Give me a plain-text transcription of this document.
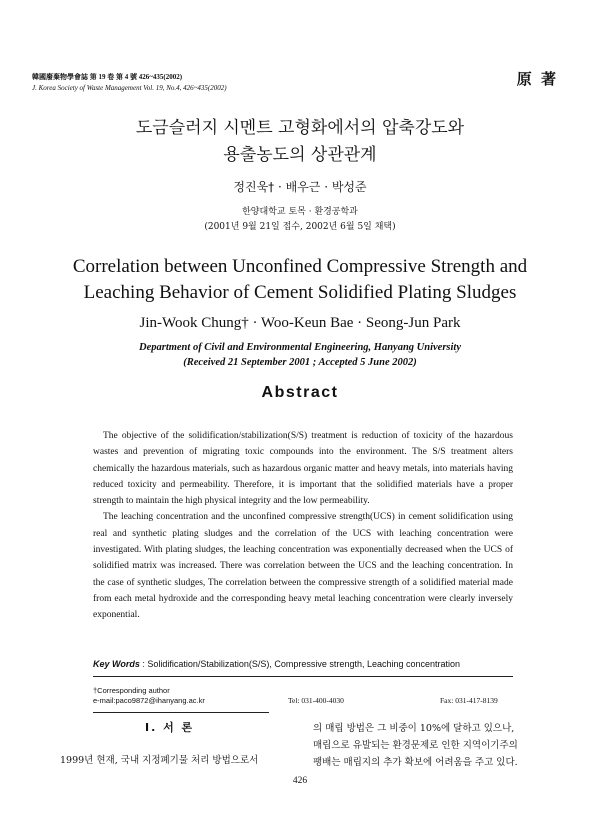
韓國廢棄物學會誌 第 19 卷 第 4 號 426~435(2002)
J. Korea Society of Waste Management Vol. 19, No.4, 426~435(2002)	原 著
도금슬러지 시멘트 고형화에서의 압축강도와
용출농도의 상관관계
정진욱† · 배우근 · 박성준
한양대학교 토목 · 환경공학과
(2001년 9월 21일 접수, 2002년 6월 5일 채택)
Correlation between Unconfined Compressive Strength and
Leaching Behavior of Cement Solidified Plating Sludges
Jin-Wook Chung† · Woo-Keun Bae · Seong-Jun Park
Department of Civil and Environmental Engineering, Hanyang University
(Received 21 September 2001 ; Accepted 5 June 2002)
Abstract

The objective of the solidification/stabilization(S/S) treatment is reduction of toxicity of the hazardous wastes and prevention of migrating toxic compounds into the environment. The S/S treatment alters chemically the hazardous materials, such as hazardous organic matter and heavy metals, into materials having reduced toxicity and permeability. Therefore, it is important that the solidified materials have a proper strength to maintain the high physical integrity and the low permeability.

The leaching concentration and the unconfined compressive strength(UCS) in cement solidification using real and synthetic plating sludges and the correlation of the UCS with leaching concentration were investigated. With plating sludges, the leaching concentration was exponentially decreased when the UCS of solidified matrix was increased. There was correlation between the UCS and the leaching concentration. In the case of synthetic sludges, The correlation between the compressive strength of a solidified material made from each metal hydroxide and the corresponding heavy metal leaching concentration were clearly inversely exponential.

Key Words : Solidification/Stabilization(S/S), Compressive strength, Leaching concentration
†Corresponding author
e-mail:paco9872@ihanyang.ac.kr	Tel: 031-400-4030	Fax: 031-417-8139
Ⅰ. 서 론
1999년 현재, 국내 지정폐기물 처리 방법으로서
의 매립 방법은 그 비중이 10%에 달하고 있으나,
매립으로 유발되는 환경문제로 인한 지역이기주의
팽배는 매립지의 추가 확보에 어려움을 주고 있다.
426
